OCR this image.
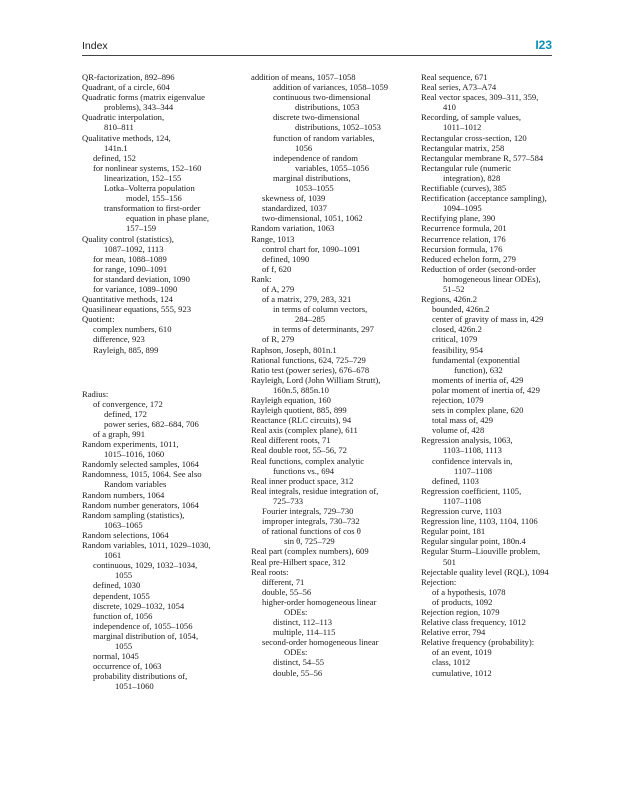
Index	I23
QR-factorization, 892–896
Quadrant, of a circle, 604
Quadratic forms (matrix eigenvalue
problems), 343–344
Quadratic interpolation,
810–811
Qualitative methods, 124,
141n.1
defined, 152
for nonlinear systems, 152–160
linearization, 152–155
Lotka–Volterra population
model, 155–156
transformation to first-order
equation in phase plane,
157–159
Quality control (statistics),
1087–1092, 1113
for mean, 1088–1089
for range, 1090–1091
for standard deviation, 1090
for variance, 1089–1090
Quantitative methods, 124
Quasilinear equations, 555, 923
Quotient:
complex numbers, 610
difference, 923
Rayleigh, 885, 899
Radius:
of convergence, 172
defined, 172
power series, 682–684, 706
of a graph, 991
Random experiments, 1011,
1015–1016, 1060
Randomly selected samples, 1064
Randomness, 1015, 1064. See also
Random variables
Random numbers, 1064
Random number generators, 1064
Random sampling (statistics),
1063–1065
Random selections, 1064
Random variables, 1011, 1029–1030,
1061
continuous, 1029, 1032–1034,
1055
defined, 1030
dependent, 1055
discrete, 1029–1032, 1054
function of, 1056
independence of, 1055–1056
marginal distribution of, 1054,
1055
normal, 1045
occurrence of, 1063
probability distributions of,
1051–1060
addition of means, 1057–1058
addition of variances, 1058–1059
continuous two-dimensional
distributions, 1053
discrete two-dimensional
distributions, 1052–1053
function of random variables,
1056
independence of random
variables, 1055–1056
marginal distributions,
1053–1055
skewness of, 1039
standardized, 1037
two-dimensional, 1051, 1062
Random variation, 1063
Range, 1013
control chart for, 1090–1091
defined, 1090
of f, 620
Rank:
of A, 279
of a matrix, 279, 283, 321
in terms of column vectors,
284–285
in terms of determinants, 297
of R, 279
Raphson, Joseph, 801n.1
Rational functions, 624, 725–729
Ratio test (power series), 676–678
Rayleigh, Lord (John William Strutt),
160n.5, 885n.10
Rayleigh equation, 160
Rayleigh quotient, 885, 899
Reactance (RLC circuits), 94
Real axis (complex plane), 611
Real different roots, 71
Real double root, 55–56, 72
Real functions, complex analytic
functions vs., 694
Real inner product space, 312
Real integrals, residue integration of,
725–733
Fourier integrals, 729–730
improper integrals, 730–732
of rational functions of cos θ
sin θ, 725–729
Real part (complex numbers), 609
Real pre-Hilbert space, 312
Real roots:
different, 71
double, 55–56
higher-order homogeneous linear
ODEs:
distinct, 112–113
multiple, 114–115
second-order homogeneous linear
ODEs:
distinct, 54–55
double, 55–56
Real sequence, 671
Real series, A73–A74
Real vector spaces, 309–311, 359,
410
Recording, of sample values,
1011–1012
Rectangular cross-section, 120
Rectangular matrix, 258
Rectangular membrane R, 577–584
Rectangular rule (numeric
integration), 828
Rectifiable (curves), 385
Rectification (acceptance sampling),
1094–1095
Rectifying plane, 390
Recurrence formula, 201
Recurrence relation, 176
Recursion formula, 176
Reduced echelon form, 279
Reduction of order (second-order
homogeneous linear ODEs),
51–52
Regions, 426n.2
bounded, 426n.2
center of gravity of mass in, 429
closed, 426n.2
critical, 1079
feasibility, 954
fundamental (exponential
function), 632
moments of inertia of, 429
polar moment of inertia of, 429
rejection, 1079
sets in complex plane, 620
total mass of, 429
volume of, 428
Regression analysis, 1063,
1103–1108, 1113
confidence intervals in,
1107–1108
defined, 1103
Regression coefficient, 1105,
1107–1108
Regression curve, 1103
Regression line, 1103, 1104, 1106
Regular point, 181
Regular singular point, 180n.4
Regular Sturm–Liouville problem,
501
Rejectable quality level (RQL), 1094
Rejection:
of a hypothesis, 1078
of products, 1092
Rejection region, 1079
Relative class frequency, 1012
Relative error, 794
Relative frequency (probability):
of an event, 1019
class, 1012
cumulative, 1012
